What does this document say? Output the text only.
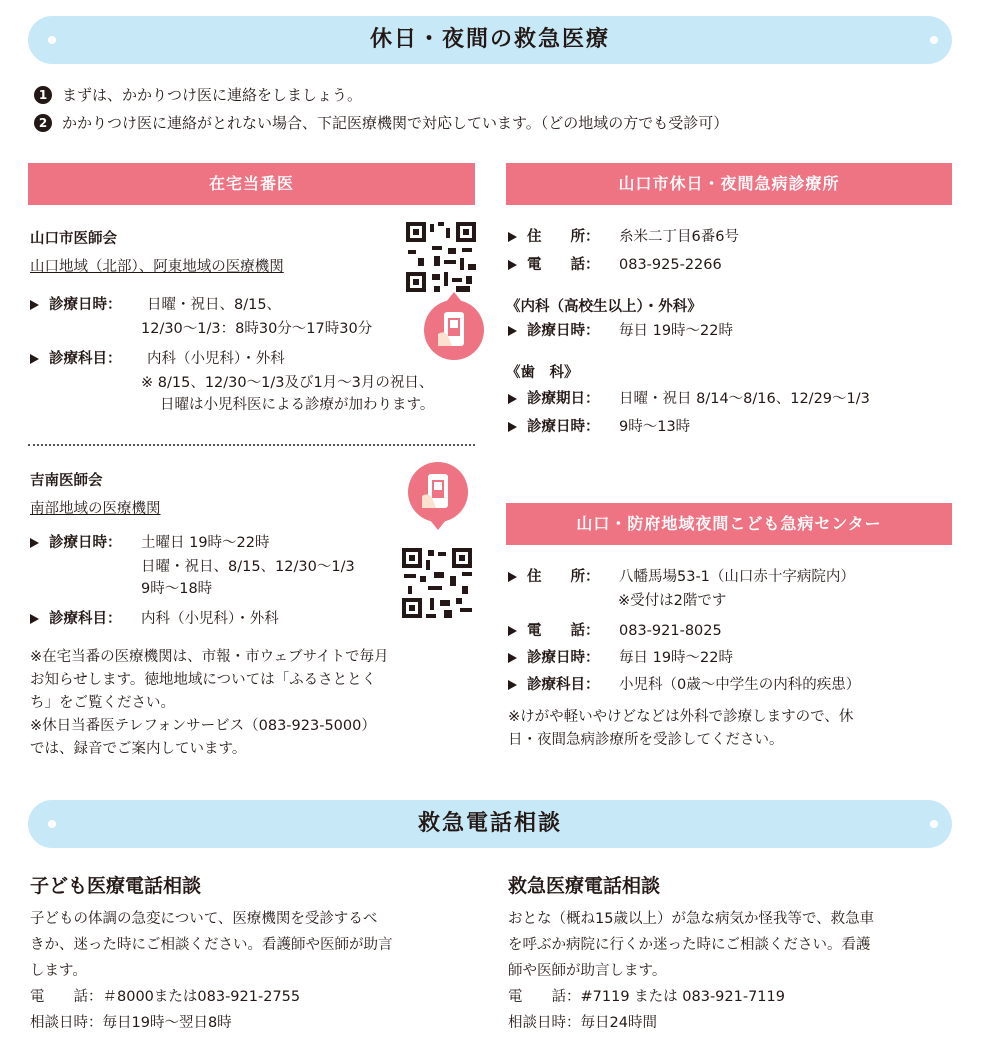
休日・夜間の救急医療
1 まずは、かかりつけ医に連絡をしましょう。
2 かかりつけ医に連絡がとれない場合、下記医療機関で対応しています。（どの地域の方でも受診可）
在宅当番医
山口市医師会
山口地域（北部）、阿東地域の医療機関
診療日時：	日曜・祝日、8/15、
12/30〜1/3：8時30分〜17時30分
診療科目：	内科（小児科）・外科
※ 8/15、12/30〜1/3及び1月〜3月の祝日、
日曜は小児科医による診療が加わります。
吉南医師会
南部地域の医療機関
診療日時：	土曜日 19時〜22時
日曜・祝日、8/15、12/30〜1/3
9時〜18時
診療科目：	内科（小児科）・外科
※在宅当番の医療機関は、市報・市ウェブサイトで毎月
お知らせします。徳地地域については「ふるさととく
ち」をご覧ください。
※休日当番医テレフォンサービス（083-923-5000）
では、録音でご案内しています。
山口市休日・夜間急病診療所
住　　所：	糸米二丁目6番6号
電　　話：	083-925-2266
《内科（高校生以上）・外科》
診療日時：	毎日 19時〜22時
《歯　科》
診療期日：	日曜・祝日 8/14〜8/16、12/29〜1/3
診療日時：	9時〜13時
山口・防府地域夜間こども急病センター
住　　所：	八幡馬場53-1（山口赤十字病院内）
※受付は2階です
電　　話：	083-921-8025
診療日時：	毎日 19時〜22時
診療科目：	小児科（0歳〜中学生の内科的疾患）
※けがや軽いやけどなどは外科で診療しますので、休
日・夜間急病診療所を受診してください。
救急電話相談
子ども医療電話相談
子どもの体調の急変について、医療機関を受診するべ
きか、迷った時にご相談ください。看護師や医師が助言
します。
電　　話：＃8000または083-921-2755
相談日時：毎日19時〜翌日8時
救急医療電話相談
おとな（概ね15歳以上）が急な病気か怪我等で、救急車
を呼ぶか病院に行くか迷った時にご相談ください。看護
師や医師が助言します。
電　　話：#7119 または 083-921-7119
相談日時：毎日24時間
